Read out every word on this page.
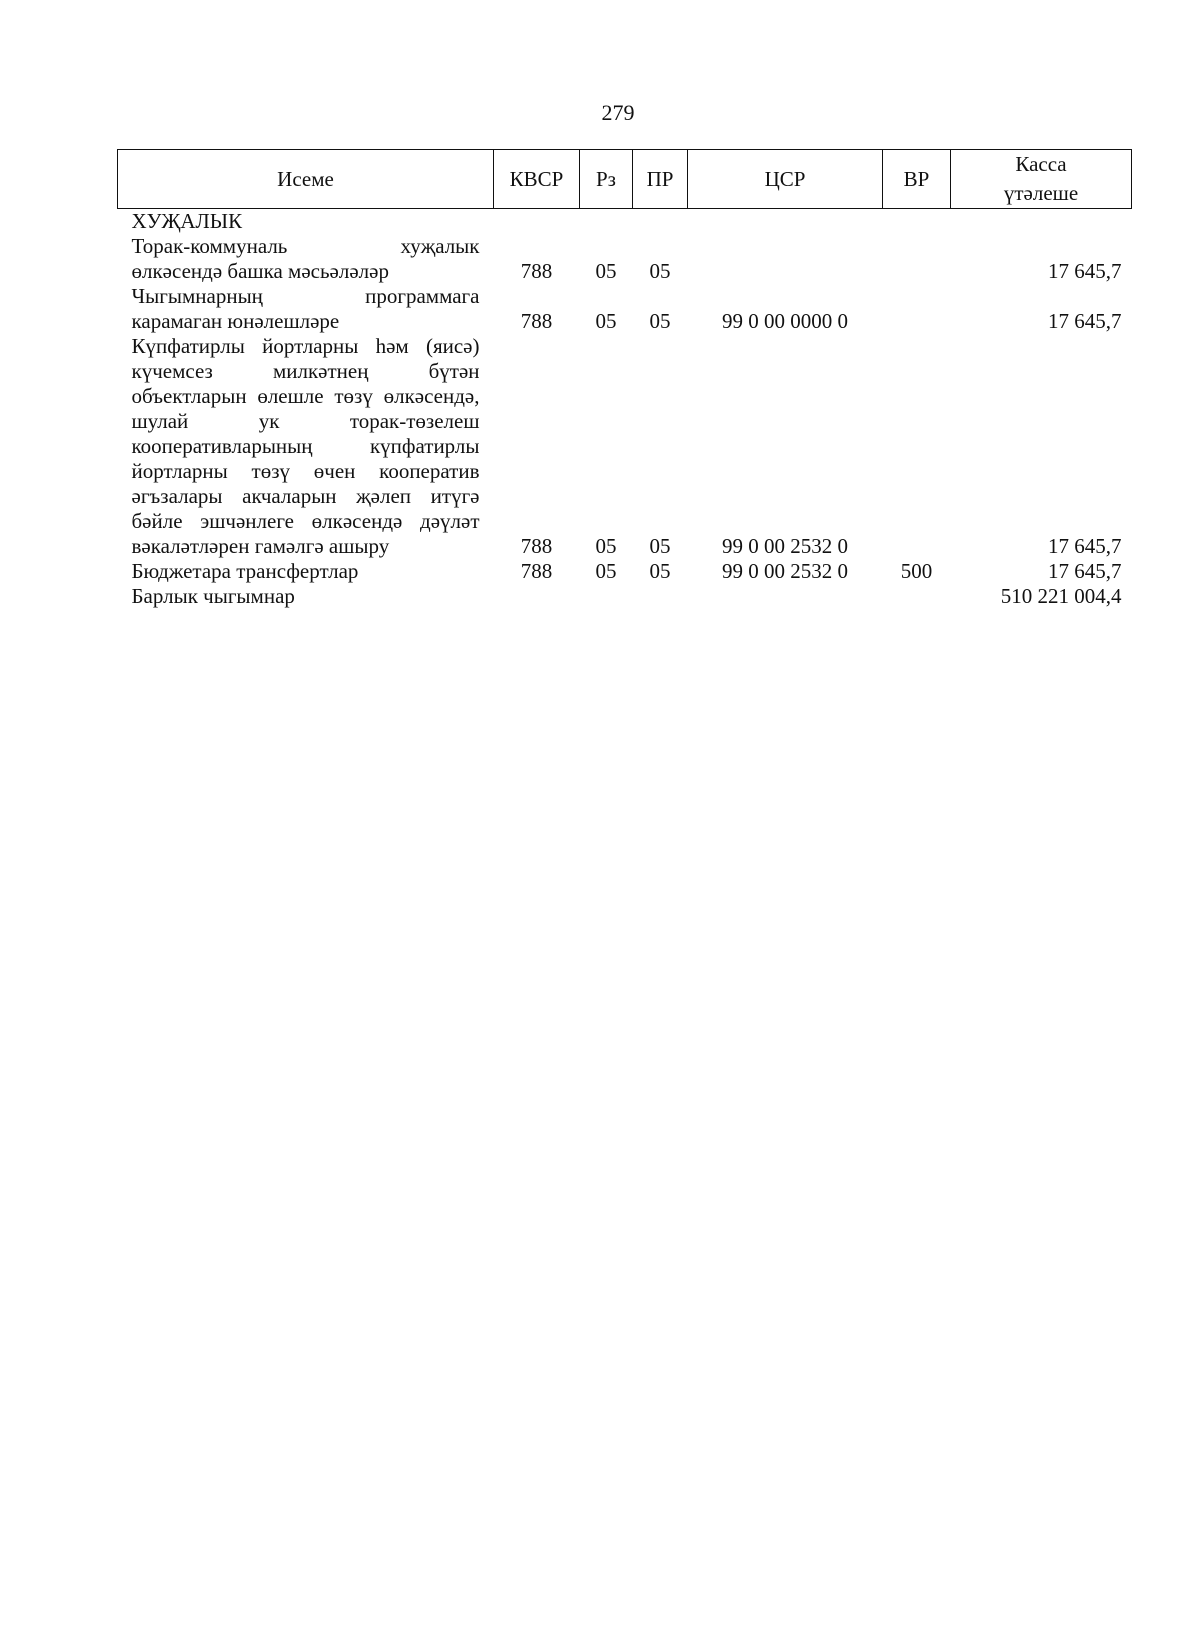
279
Исеме	КВСР	Рз	ПР	ЦСР	ВР	Касса
үтәлеше
ХУҖАЛЫК						

Торак-коммуналь хуҗалык
өлкәсендә башка мәсьәләләр	788	05	05			17 645,7

Чыгымнарның программага
карамаган юнәлешләре	788	05	05	99 0 00 0000 0		17 645,7
Күпфатирлы йортларны һәм (яисә) күчемсез милкәтнең бүтән объектларын өлешле төзү өлкәсендә, шулай ук торак-төзелеш кооперативларының күпфатирлы йортларны төзү өчен кооператив әгъзалары акчаларын җәлеп итүгә бәйле эшчәнлеге өлкәсендә дәүләт вәкаләтләрен гамәлгә ашыру	788	05	05	99 0 00 2532 0		17 645,7
Бюджетара трансфертлар	788	05	05	99 0 00 2532 0	500	17 645,7
Барлык чыгымнар						510 221 004,4
